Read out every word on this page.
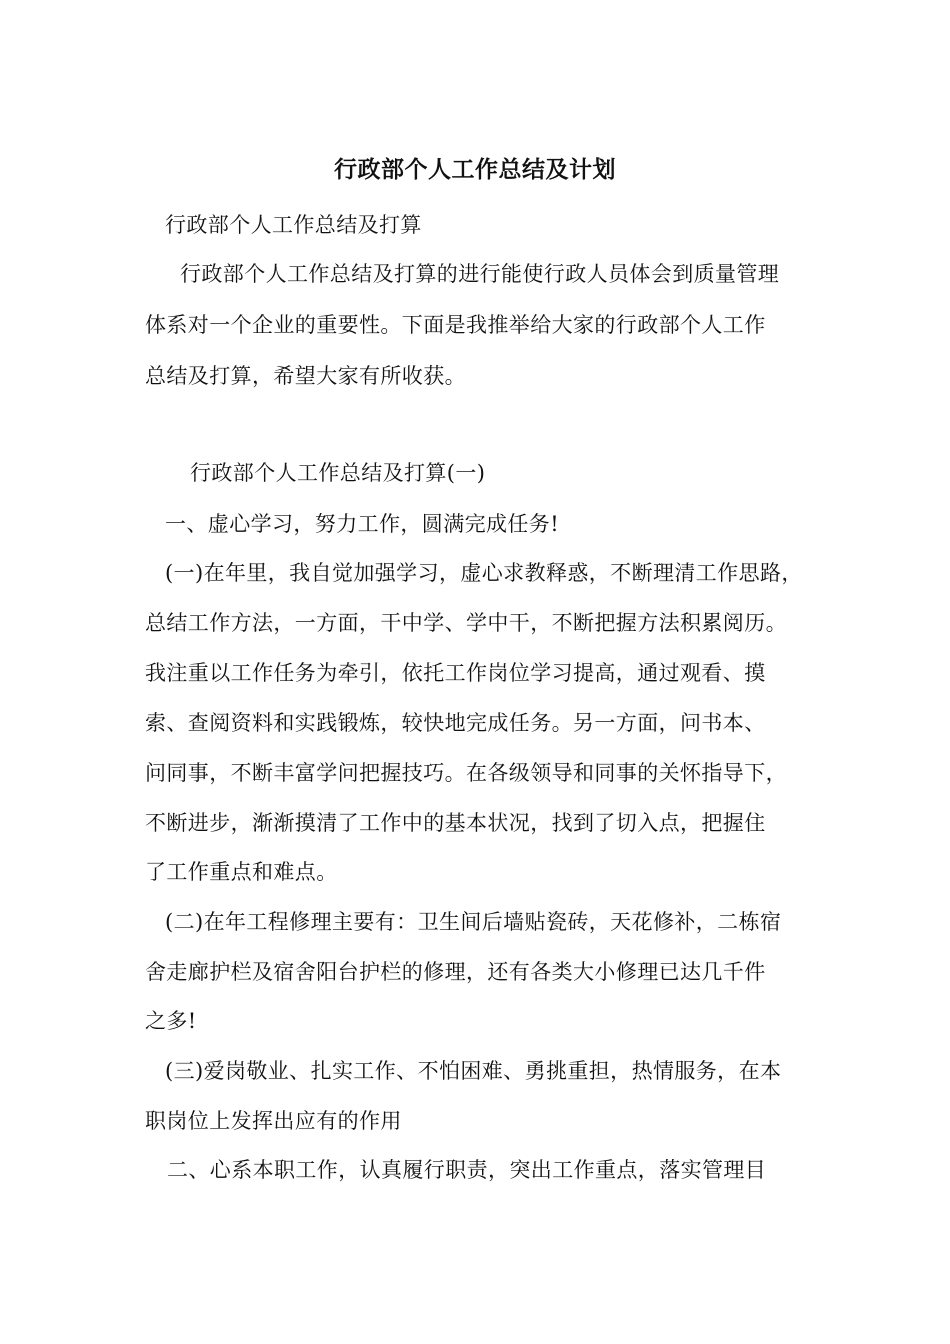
行政部个人工作总结及计划
行政部个人工作总结及打算
行政部个人工作总结及打算的进行能使行政人员体会到质量管理
体系对一个企业的重要性。下面是我推举给大家的行政部个人工作
总结及打算，希望大家有所收获。
行政部个人工作总结及打算(一)
一、虚心学习，努力工作，圆满完成任务!
(一)在年里，我自觉加强学习，虚心求教释惑，不断理清工作思路，
总结工作方法，一方面，干中学、学中干，不断把握方法积累阅历。
我注重以工作任务为牵引，依托工作岗位学习提高，通过观看、摸
索、查阅资料和实践锻炼，较快地完成任务。另一方面，问书本、
问同事，不断丰富学问把握技巧。在各级领导和同事的关怀指导下，
不断进步，渐渐摸清了工作中的基本状况，找到了切入点，把握住
了工作重点和难点。
(二)在年工程修理主要有：卫生间后墙贴瓷砖，天花修补，二栋宿
舍走廊护栏及宿舍阳台护栏的修理，还有各类大小修理已达几千件
之多!
(三)爱岗敬业、扎实工作、不怕困难、勇挑重担，热情服务，在本
职岗位上发挥出应有的作用
二、心系本职工作，认真履行职责，突出工作重点，落实管理目
